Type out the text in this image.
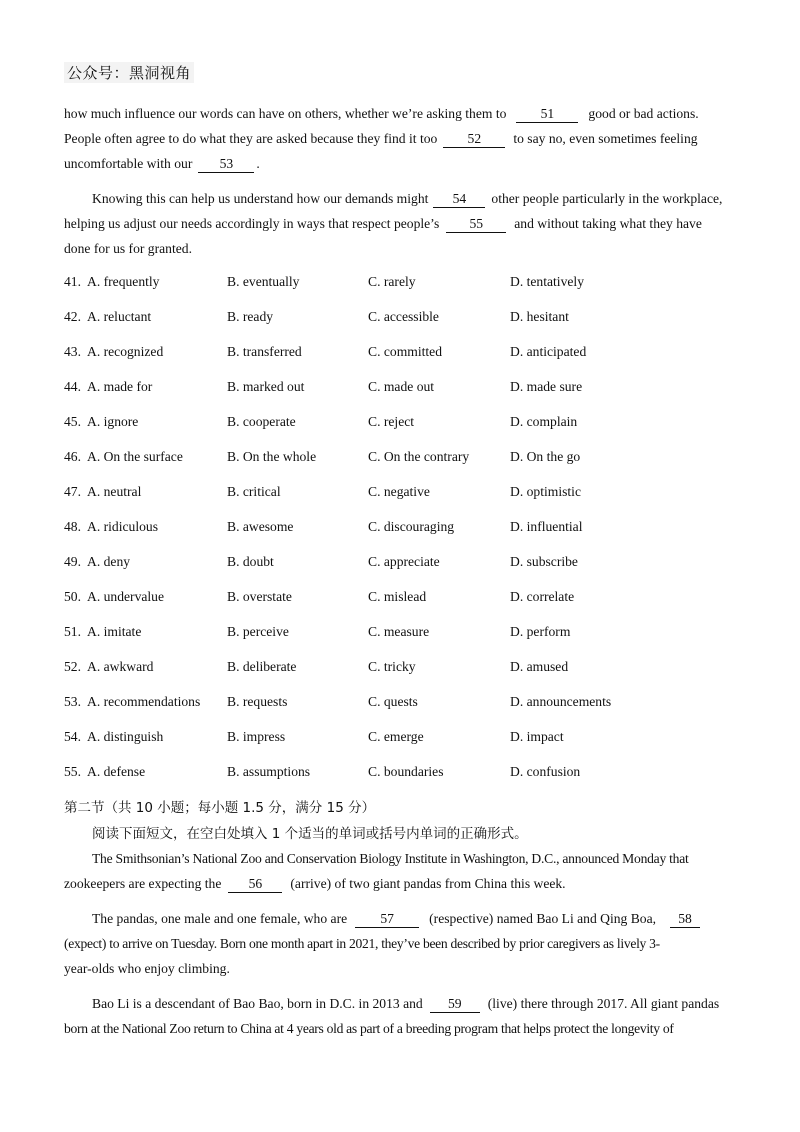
公众号：黑洞视角
how much influence our words can have on others, whether we’re asking them to	51	good or bad actions.
People often agree to do what they are asked because they find it too 52 to say no, even sometimes feeling
uncomfortable with our 53 .
Knowing this can help us understand how our demands might 54 other people particularly in the workplace,
helping us adjust our needs accordingly in ways that respect people’s 55 and without taking what they have
done for us for granted.
41. A. frequently	B. eventually	C. rarely	D. tentatively
42. A. reluctant	B. ready	C. accessible	D. hesitant
43. A. recognized	B. transferred	C. committed	D. anticipated
44. A. made for	B. marked out	C. made out	D. made sure
45. A. ignore	B. cooperate	C. reject	D. complain
46. A. On the surface	B. On the whole	C. On the contrary	D. On the go
47. A. neutral	B. critical	C. negative	D. optimistic
48. A. ridiculous	B. awesome	C. discouraging	D. influential
49. A. deny	B. doubt	C. appreciate	D. subscribe
50. A. undervalue	B. overstate	C. mislead	D. correlate
51. A. imitate	B. perceive	C. measure	D. perform
52. A. awkward	B. deliberate	C. tricky	D. amused
53. A. recommendations B. requests	C. quests	D. announcements
54. A. distinguish	B. impress	C. emerge	D. impact
55. A. defense	B. assumptions	C. boundaries	D. confusion
第二节（共 10 小题；每小题 1.5 分，满分 15 分）
阅读下面短文，在空白处填入 1 个适当的单词或括号内单词的正确形式。
The Smithsonian’s National Zoo and Conservation Biology Institute in Washington, D.C., announced Monday that
zookeepers are expecting the 56 (arrive) of two giant pandas from China this week.
The pandas, one male and one female, who are 57	(respective) named Bao Li and Qing Boa, 58
(expect) to arrive on Tuesday. Born one month apart in 2021, they’ve been described by prior caregivers as lively 3-
year-olds who enjoy climbing.
Bao Li is a descendant of Bao Bao, born in D.C. in 2013 and 59 (live) there through 2017. All giant pandas
born at the National Zoo return to China at 4 years old as part of a breeding program that helps protect the longevity of
